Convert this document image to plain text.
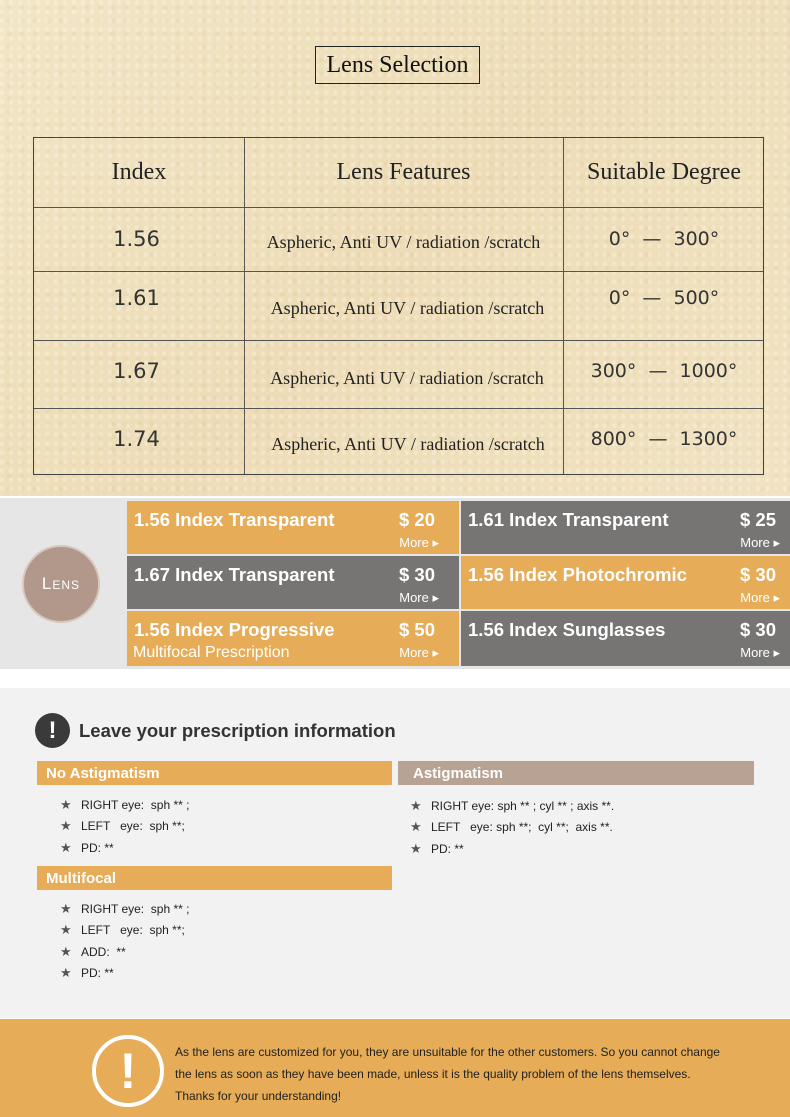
Lens Selection
Index	Lens Features	Suitable Degree
1.56	Aspheric, Anti UV / radiation /scratch	0°  —  300°
1.61	Aspheric, Anti UV / radiation /scratch	0°  —  500°
1.67	Aspheric, Anti UV / radiation /scratch	300°  —  1000°
1.74	Aspheric, Anti UV / radiation /scratch	800°  —  1300°
Lens
1.56 Index Transparent	$ 20
More ▸
1.61 Index Transparent	$ 25
More ▸
1.67 Index Transparent	$ 30
More ▸
1.56 Index Photochromic	$ 30
More ▸
1.56 Index Progressive
Multifocal Prescription
$ 50
More ▸
1.56 Index Sunglasses	$ 30
More ▸
!	Leave your prescription information
No Astigmatism
★ RIGHT eye:  sph ** ;
★ LEFT   eye:  sph **;
★ PD: **
Astigmatism
★ RIGHT eye: sph ** ; cyl ** ; axis **.
★ LEFT   eye: sph **;  cyl **;  axis **.
★ PD: **
Multifocal
★ RIGHT eye:  sph ** ;
★ LEFT   eye:  sph **;
★ ADD:  **
★ PD: **
!	As the lens are customized for you, they are unsuitable for the other customers. So you cannot change
the lens as soon as they have been made, unless it is the quality problem of the lens themselves.
Thanks for your understanding!
